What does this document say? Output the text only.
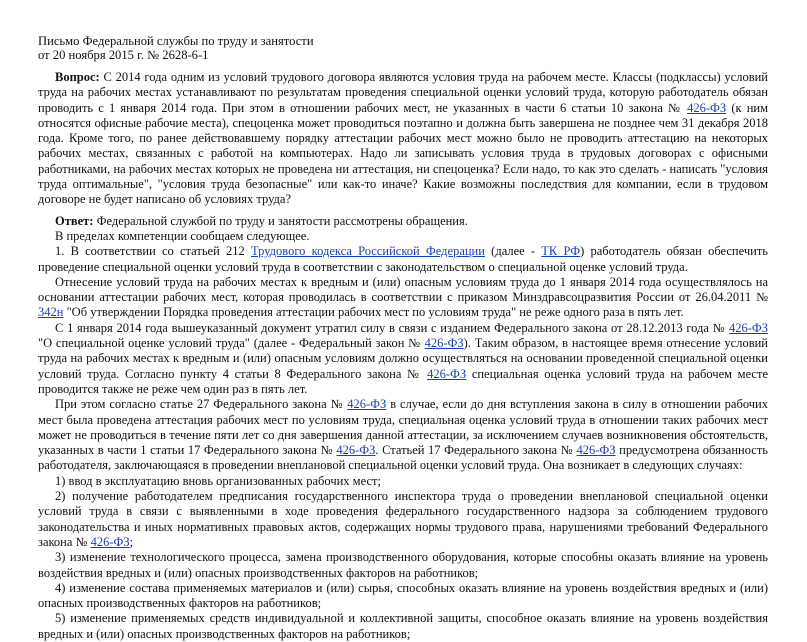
Письмо Федеральной службы по труду и занятости
от 20 ноября 2015 г. № 2628-6-1

Вопрос: С 2014 года одним из условий трудового договора являются условия труда на рабочем месте. Классы (подклассы) условий труда на рабочих местах устанавливают по результатам проведения специальной оценки условий труда, которую работодатель обязан проводить с 1 января 2014 года. При этом в отношении рабочих мест, не указанных в части 6 статьи 10 закона № 426-ФЗ (к ним относятся офисные рабочие места), спецоценка может проводиться поэтапно и должна быть завершена не позднее чем 31 декабря 2018 года. Кроме того, по ранее действовавшему порядку аттестации рабочих мест можно было не проводить аттестацию на некоторых рабочих местах, связанных с работой на компьютерах. Надо ли записывать условия труда в трудовых договорах с офисными работниками, на рабочих местах которых не проведена ни аттестация, ни спецоценка? Если надо, то как это сделать - написать "условия труда оптимальные", "условия труда безопасные" или как-то иначе? Какие возможны последствия для компании, если в трудовом договоре не будет написано об условиях труда?

Ответ: Федеральной службой по труду и занятости рассмотрены обращения.

В пределах компетенции сообщаем следующее.

1. В соответствии со статьей 212 Трудового кодекса Российской Федерации (далее - ТК РФ) работодатель обязан обеспечить проведение специальной оценки условий труда в соответствии с законодательством о специальной оценке условий труда.

Отнесение условий труда на рабочих местах к вредным и (или) опасным условиям труда до 1 января 2014 года осуществлялось на основании аттестации рабочих мест, которая проводилась в соответствии с приказом Минздравсоцразвития России от 26.04.2011 № 342н "Об утверждении Порядка проведения аттестации рабочих мест по условиям труда" не реже одного раза в пять лет.

С 1 января 2014 года вышеуказанный документ утратил силу в связи с изданием Федерального закона от 28.12.2013 года № 426-ФЗ "О специальной оценке условий труда" (далее - Федеральный закон № 426-ФЗ). Таким образом, в настоящее время отнесение условий труда на рабочих местах к вредным и (или) опасным условиям должно осуществляться на основании проведенной специальной оценки условий труда. Согласно пункту 4 статьи 8 Федерального закона № 426-ФЗ специальная оценка условий труда на рабочем месте проводится также не реже чем один раз в пять лет.

При этом согласно статье 27 Федерального закона № 426-ФЗ в случае, если до дня вступления закона в силу в отношении рабочих мест была проведена аттестация рабочих мест по условиям труда, специальная оценка условий труда в отношении таких рабочих мест может не проводиться в течение пяти лет со дня завершения данной аттестации, за исключением случаев возникновения обстоятельств, указанных в части 1 статьи 17 Федерального закона № 426-ФЗ. Статьей 17 Федерального закона № 426-ФЗ предусмотрена обязанность работодателя, заключающаяся в проведении внеплановой специальной оценки условий труда. Она возникает в следующих случаях:

1) ввод в эксплуатацию вновь организованных рабочих мест;

2) получение работодателем предписания государственного инспектора труда о проведении внеплановой специальной оценки условий труда в связи с выявленными в ходе проведения федерального государственного надзора за соблюдением трудового законодательства и иных нормативных правовых актов, содержащих нормы трудового права, нарушениями требований Федерального закона № 426-ФЗ;

3) изменение технологического процесса, замена производственного оборудования, которые способны оказать влияние на уровень воздействия вредных и (или) опасных производственных факторов на работников;

4) изменение состава применяемых материалов и (или) сырья, способных оказать влияние на уровень воздействия вредных и (или) опасных производственных факторов на работников;

5) изменение применяемых средств индивидуальной и коллективной защиты, способное оказать влияние на уровень воздействия вредных и (или) опасных производственных факторов на работников;
